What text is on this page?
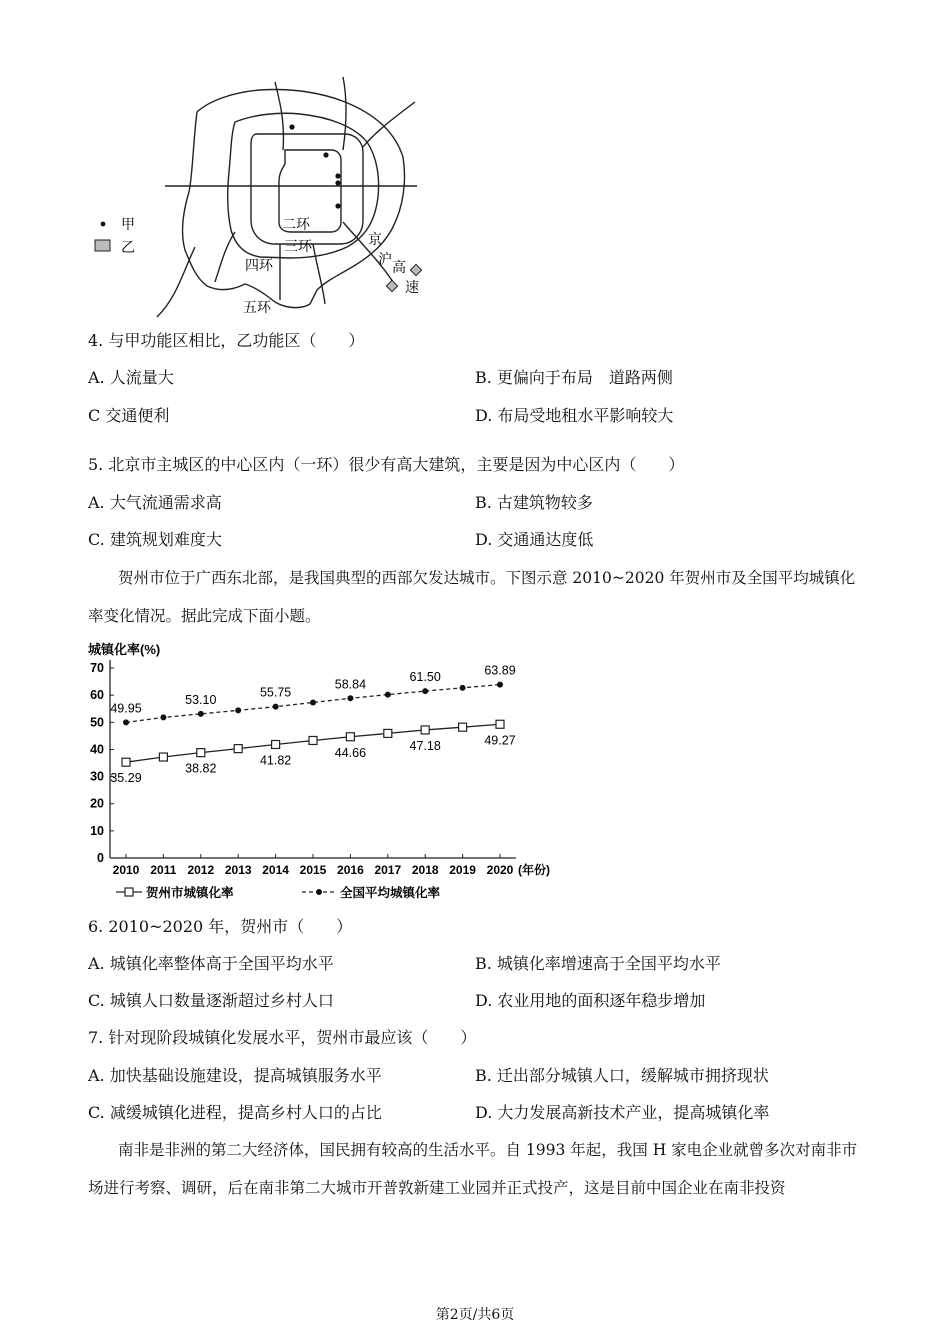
甲
乙
二环
三环
四环
五环
京
沪 高
速
4. 与甲功能区相比，乙功能区（　　）
A. 人流量大	B. 更偏向于布局　道路两侧
C 交通便利	D. 布局受地租水平影响较大
5. 北京市主城区的中心区内（一环）很少有高大建筑，主要是因为中心区内（　　）
A. 大气流通需求高	B. 古建筑物较多
C. 建筑规划难度大	D. 交通通达度低
贺州市位于广西东北部，是我国典型的西部欠发达城市。下图示意 2010~2020 年贺州市及全国平均城镇化率变化情况。据此完成下面小题。
城镇化率(%)
0
10
20
30
40
50
60
70
2010 2011 2012 2013 2014 2015 2016 2017 2018 2019 2020 (年份)
35.29
38.82
41.82
44.66	47.18	49.27
49.95
53.10
55.75
58.84
61.50	63.89
贺州市城镇化率	全国平均城镇化率
6. 2010~2020 年，贺州市（　　）
A. 城镇化率整体高于全国平均水平	B. 城镇化率增速高于全国平均水平
C. 城镇人口数量逐渐超过乡村人口	D. 农业用地的面积逐年稳步增加
7. 针对现阶段城镇化发展水平，贺州市最应该（　　）
A. 加快基础设施建设，提高城镇服务水平	B. 迁出部分城镇人口，缓解城市拥挤现状
C. 减缓城镇化进程，提高乡村人口的占比	D. 大力发展高新技术产业，提高城镇化率
南非是非洲的第二大经济体，国民拥有较高的生活水平。自 1993 年起，我国 H 家电企业就曾多次对南非市场进行考察、调研，后在南非第二大城市开普敦新建工业园并正式投产，这是目前中国企业在南非投资
第2页/共6页
